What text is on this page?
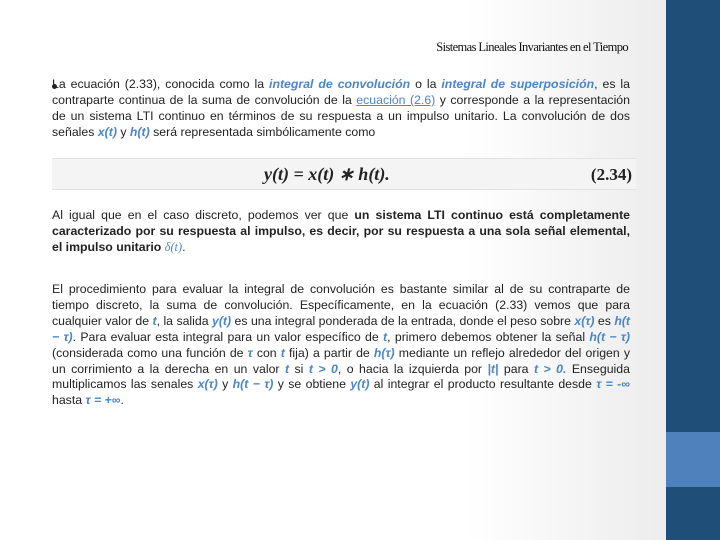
Sistemas Lineales Invariantes en el Tiempo
La ecuación (2.33), conocida como la integral de convolución o la integral de superposición, es la contraparte continua de la suma de convolución de la ecuación (2.6) y corresponde a la representación de un sistema LTI continuo en términos de su respuesta a un impulso unitario. La convolución de dos señales x(t) y h(t) será representada simbólicamente como
y(t) = x(t) ∗ h(t).	(2.34)
Al igual que en el caso discreto, podemos ver que un sistema LTI continuo está completamente caracterizado por su respuesta al impulso, es decir, por su respuesta a una sola señal elemental, el impulso unitario δ(t).
El procedimiento para evaluar la integral de convolución es bastante similar al de su contraparte de tiempo discreto, la suma de convolución. Específicamente, en la ecuación (2.33) vemos que para cualquier valor de t, la salida y(t) es una integral ponderada de la entrada, donde el peso sobre x(τ) es h(t − τ). Para evaluar esta integral para un valor específico de t, primero debemos obtener la señal h(t − τ) (considerada como una función de τ con t fija) a partir de h(τ) mediante un reflejo alrededor del origen y un corrimiento a la derecha en un valor t si t > 0, o hacia la izquierda por |t| para t > 0. Enseguida multiplicamos las senales x(τ) y h(t − τ) y se obtiene y(t) al integrar el producto resultante desde τ = -∞ hasta τ = +∞.
